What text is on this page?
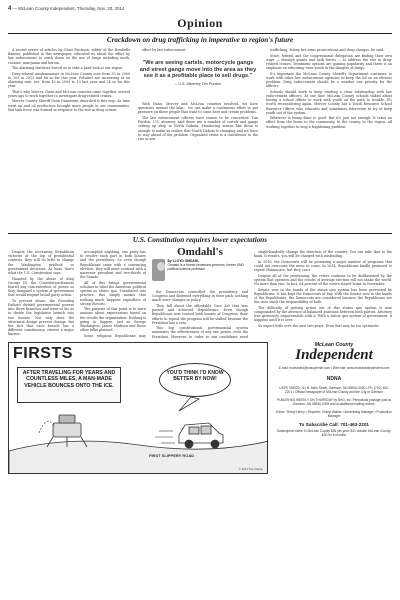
4 — McLean County Independent, Thursday, Nov. 20, 2014
Opinion
Crackdown on drug trafficking in imperative to region's future

A recent series of articles by Chris Erickson, editor of the Bowbells Banner, published in this newspaper, educated us about the effort by law enforcement to crack down on the use of drugs including meth, cocaine, marijuana and heroin.

The alarming statistics forced us to take a hard look at our region.

Drug-related misdemeanors in McLean County rose from 33 in 2009 to 103 in 2013 and 86 so far this year. Felonies are increasing at an alarming rate, too: from 10 in 2009 to 19 last year and 24 so far this year.

That's why Mercer, Dunn and McLean counties came together several years ago to work together to investigate drug-related crimes.

Mercer County Sheriff Dean Danzeisen described it this way: As time went on and oil production brought more people to our communities, this task force was formed in response to the rise in drug crimes.

effort by law enforcement.

"We are seeing cartels, motorcycle gangs and street gangs move into the area as they see it as a profitable place to sell drugs."
– U.S. Attorney Tim Purdon

With Dunn, Mercer and McLean counties involved, we have questions around the lake... we can make a continuous effort to put pressure on these people that want to come here and create problems.

The law enforcement officers have reason to be concerned. Tim Purdon, U.S. attorney, said there are a number of cartels and gangs setting up shop in North Dakota. Monitoring means like these is enough to make us realize that North Dakota is changing and we have to stay ahead of the problem. Organized crime is a contributor to the rise in sex

trafficking, felony fire arms prosecutions and drug charges, he said.

State, federal and the congressional delegation are finding their own ways — through grants and task forces — to address the rise in drug-related crimes. Treatment options are gaining popularity and there is an emphasis on educating even youth in the dangers of drugs.

It's important the McLean County Sheriff's Department continues to work with other law enforcement agencies to keep the lid on an obvious problem. Drug enforcement should be a number one priority for the officers.

Schools should work to keep sending a clear relationship with law enforcement officers. At one time McLean County schools talked about having a school officer to work with youth on the path to trouble. It's worth reconsidering again. Mercer County has a Youth Resource School Resource Officer who educates and sometimes intervenes to try to keep youth out of the system.

Whatever is being done is good. But it's just not enough. It takes an effort from the home to the community, to the county, to the region, all working together to stop a frightening problem.

U.S. Constitution requires lower expectations

Despite the increasing Republican victories at the top of presidential contests, they will do little to change the Washington gridlock or government decisions. At least, that's what the U.S. Constitution says.

Haunted by the abuse of King George III, the Constitution-framers feared any concentration of power so they designed a system of government that would require broad party action.

To prevent abuse, the Founding Fathers divided governmental powers into three branches and went so far as to divide the legislative branch into two houses. Not only does the structural design prevent change, but the fact that each branch has a different constituency creates a major barrier.

accomplish anything, one party has to resolve each part in both houses and the presidency. So even though Republicans came with a convincing election, they will must contend with a narrower president and two-thirds of the Senate.

All of this brings governmental scholars to label the American political system as status quo. Translated into practice, this simply means that nothing much happens regardless of strong rhetoric.

The purpose of this point is to warn anxious about expectations based on the results the organization. Nothing is going to happen, just as George Washington, James Madison and those other folks planned.

Some religious Republicans may

Omdahl's
By LLOYD OMDAHL
Omdahl is a former lieutenant governor, former UND political science professor.

the Democrats controlled the presidency and Congress and flattened everything in their path, nothing much were changes in policy.

They fall about the affordable Care Act that was passed and achieved Republicans. Even though Republicans now control both houses of Congress, their efforts to repeal the program will be stalled because the President has a veto.

This big constitutional governmental system minimizes the effectiveness of any one power, even the President. However, in order to win candidates need

single-handedly change the direction of the country. You can take that to the bank. It results, you will be charged with misleading.

In 2016, the Democrats will be promising a major number of programs that could not overcome the mess to come. In 2014, Republicans kindly promised to repeal Obamacare, but they can't.

Despite all of the positioning, the voters continue to be disillusioned by the system that operates and the results of average election will not shake the world. No more than two. In fact, 64 percent of the voters stayed home in November.

Senate now in the hands of the status quo system has been prevented by Republicans. It has kept the Democrats at bay. With the Senate now in the hands of the Republicans, the Democrats are considered because the Republicans are the ones stuck the responsibility of both.

The difficulty of getting action out of this status quo system is now compounded by the absence of balanced positions between both parties. Attorney was grievously ungovernable with a 'With a status quo system of government, it happens until it is over.

So expect little over the next two years. Even that may be too optimistic.

FIRSTS
AFTER TRAVELING FOR YEARS AND COUNTLESS MILES, A MAN-MADE VEHICLE BOUNCES ONTO THE ICE.
YOU'D THINK I'D KNOW BETTER BY NOW!
FIRST SLIPPERY ROAD
© 2014 The Clarion
McLean County
Independent
E-mail: mcleanind@ndsupernet.com • Web site: www.mcleanindependent.com
NDNA
USPS 335520 • 61 N. Main Street, Garrison, ND 58540-0000 • Ph: (701) 463-2201 • Official Newspaper of McLean County and the City of Garrison
PUBLISHED WEEKLY ON THURSDAY by BHG, Inc. Periodicals postage paid at Garrison, ND 58540-0309 and at additional mailing offices.
Editor: Sheryl Henry • Reporter: Cheryl Walker • Advertising Manager • Production Manager
To Subscribe Call: 701-463-2201
Subscription rates: In McLean County $36 per year; $41 outside McLean County; $30 for 6 months
